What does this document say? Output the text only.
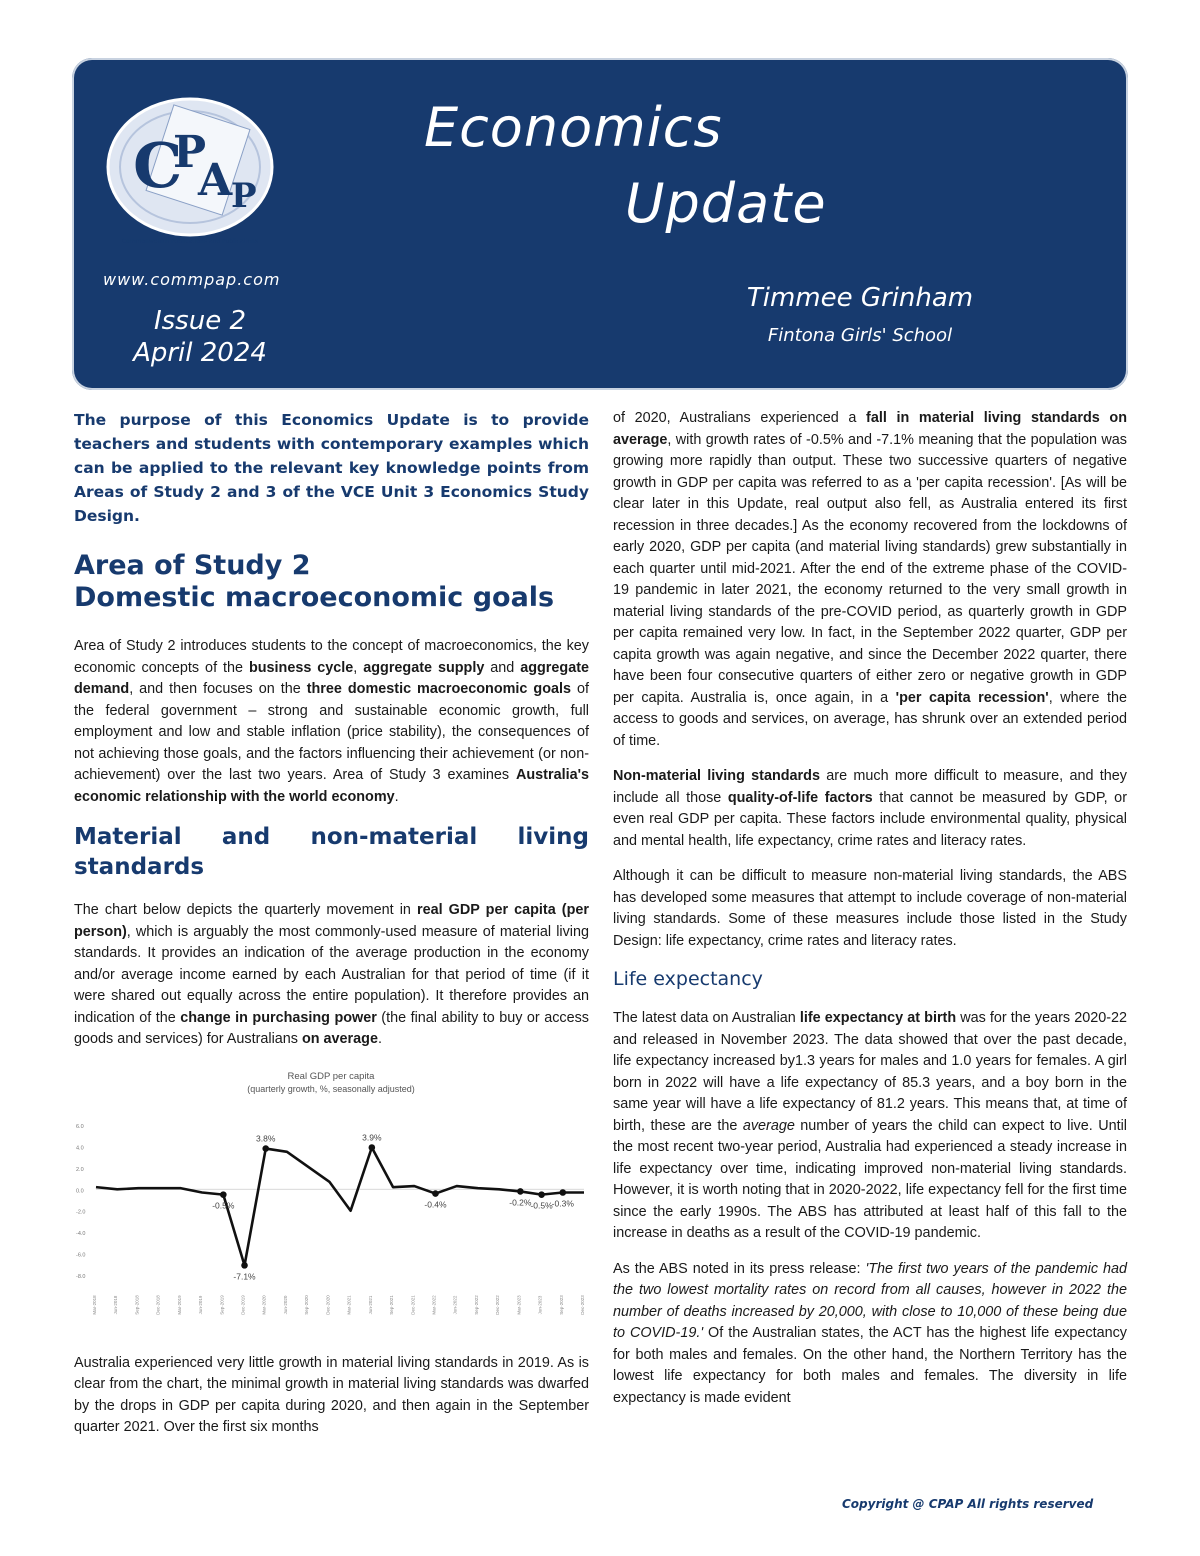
C
P
A
P
Commonwealth Publications and Publications
Economics
Update
www.commpap.com
Issue 2
April 2024
Timmee Grinham
Fintona Girls' School
The purpose of this Economics Update is to provide teachers and students with contemporary examples which can be applied to the relevant key knowledge points from Areas of Study 2 and 3 of the VCE Unit 3 Economics Study Design.
Area of Study 2
Domestic macroeconomic goals

Area of Study 2 introduces students to the concept of macroeconomics, the key economic concepts of the business cycle, aggregate supply and aggregate demand, and then focuses on the three domestic macroeconomic goals of the federal government – strong and sustainable economic growth, full employment and low and stable inflation (price stability), the consequences of not achieving those goals, and the factors influencing their achievement (or non-achievement) over the last two years. Area of Study 3 examines Australia's economic relationship with the world economy.

Material and non-material living standards

The chart below depicts the quarterly movement in real GDP per capita (per person), which is arguably the most commonly-used measure of material living standards. It provides an indication of the average production in the economy and/or average income earned by each Australian for that period of time (if it were shared out equally across the entire population). It therefore provides an indication of the change in purchasing power (the final ability to buy or access goods and services) for Australians on average.

Real GDP per capita
(quarterly growth, %, seasonally adjusted)
6.0
4.0
2.0
0.0
-2.0
-4.0
-6.0
-8.0
Mar-2018	Jun-2018	Sep-2018	Dec-2018	Mar-2019	Jun-2019	Sep-2019	Dec-2019	Mar-2020	Jun-2020	Sep-2020	Dec-2020	Mar-2021	Jun-2021	Sep-2021	Dec-2021	Mar-2022	Jun-2022	Sep-2022	Dec-2022	Mar-2023	Jun-2023	Sep-2023	Dec-2023
-0.5%
-7.1%
3.8%	3.9%
-0.4%	-0.2%
-0.5%
-0.3%

Australia experienced very little growth in material living standards in 2019. As is clear from the chart, the minimal growth in material living standards was dwarfed by the drops in GDP per capita during 2020, and then again in the September quarter 2021. Over the first six months

of 2020, Australians experienced a fall in material living standards on average, with growth rates of -0.5% and -7.1% meaning that the population was growing more rapidly than output. These two successive quarters of negative growth in GDP per capita was referred to as a 'per capita recession'. [As will be clear later in this Update, real output also fell, as Australia entered its first recession in three decades.] As the economy recovered from the lockdowns of early 2020, GDP per capita (and material living standards) grew substantially in each quarter until mid-2021. After the end of the extreme phase of the COVID-19 pandemic in later 2021, the economy returned to the very small growth in material living standards of the pre-COVID period, as quarterly growth in GDP per capita remained very low. In fact, in the September 2022 quarter, GDP per capita growth was again negative, and since the December 2022 quarter, there have been four consecutive quarters of either zero or negative growth in GDP per capita. Australia is, once again, in a 'per capita recession', where the access to goods and services, on average, has shrunk over an extended period of time.

Non-material living standards are much more difficult to measure, and they include all those quality-of-life factors that cannot be measured by GDP, or even real GDP per capita. These factors include environmental quality, physical and mental health, life expectancy, crime rates and literacy rates.

Although it can be difficult to measure non-material living standards, the ABS has developed some measures that attempt to include coverage of non-material living standards. Some of these measures include those listed in the Study Design: life expectancy, crime rates and literacy rates.

Life expectancy

The latest data on Australian life expectancy at birth was for the years 2020-22 and released in November 2023. The data showed that over the past decade, life expectancy increased by1.3 years for males and 1.0 years for females. A girl born in 2022 will have a life expectancy of 85.3 years, and a boy born in the same year will have a life expectancy of 81.2 years. This means that, at time of birth, these are the average number of years the child can expect to live. Until the most recent two-year period, Australia had experienced a steady increase in life expectancy over time, indicating improved non-material living standards. However, it is worth noting that in 2020-2022, life expectancy fell for the first time since the early 1990s. The ABS has attributed at least half of this fall to the increase in deaths as a result of the COVID-19 pandemic.

As the ABS noted in its press release: 'The first two years of the pandemic had the two lowest mortality rates on record from all causes, however in 2022 the number of deaths increased by 20,000, with close to 10,000 of these being due to COVID-19.' Of the Australian states, the ACT has the highest life expectancy for both males and females. On the other hand, the Northern Territory has the lowest life expectancy for both males and females. The diversity in life expectancy is made evident

Copyright @ CPAP All rights reserved
